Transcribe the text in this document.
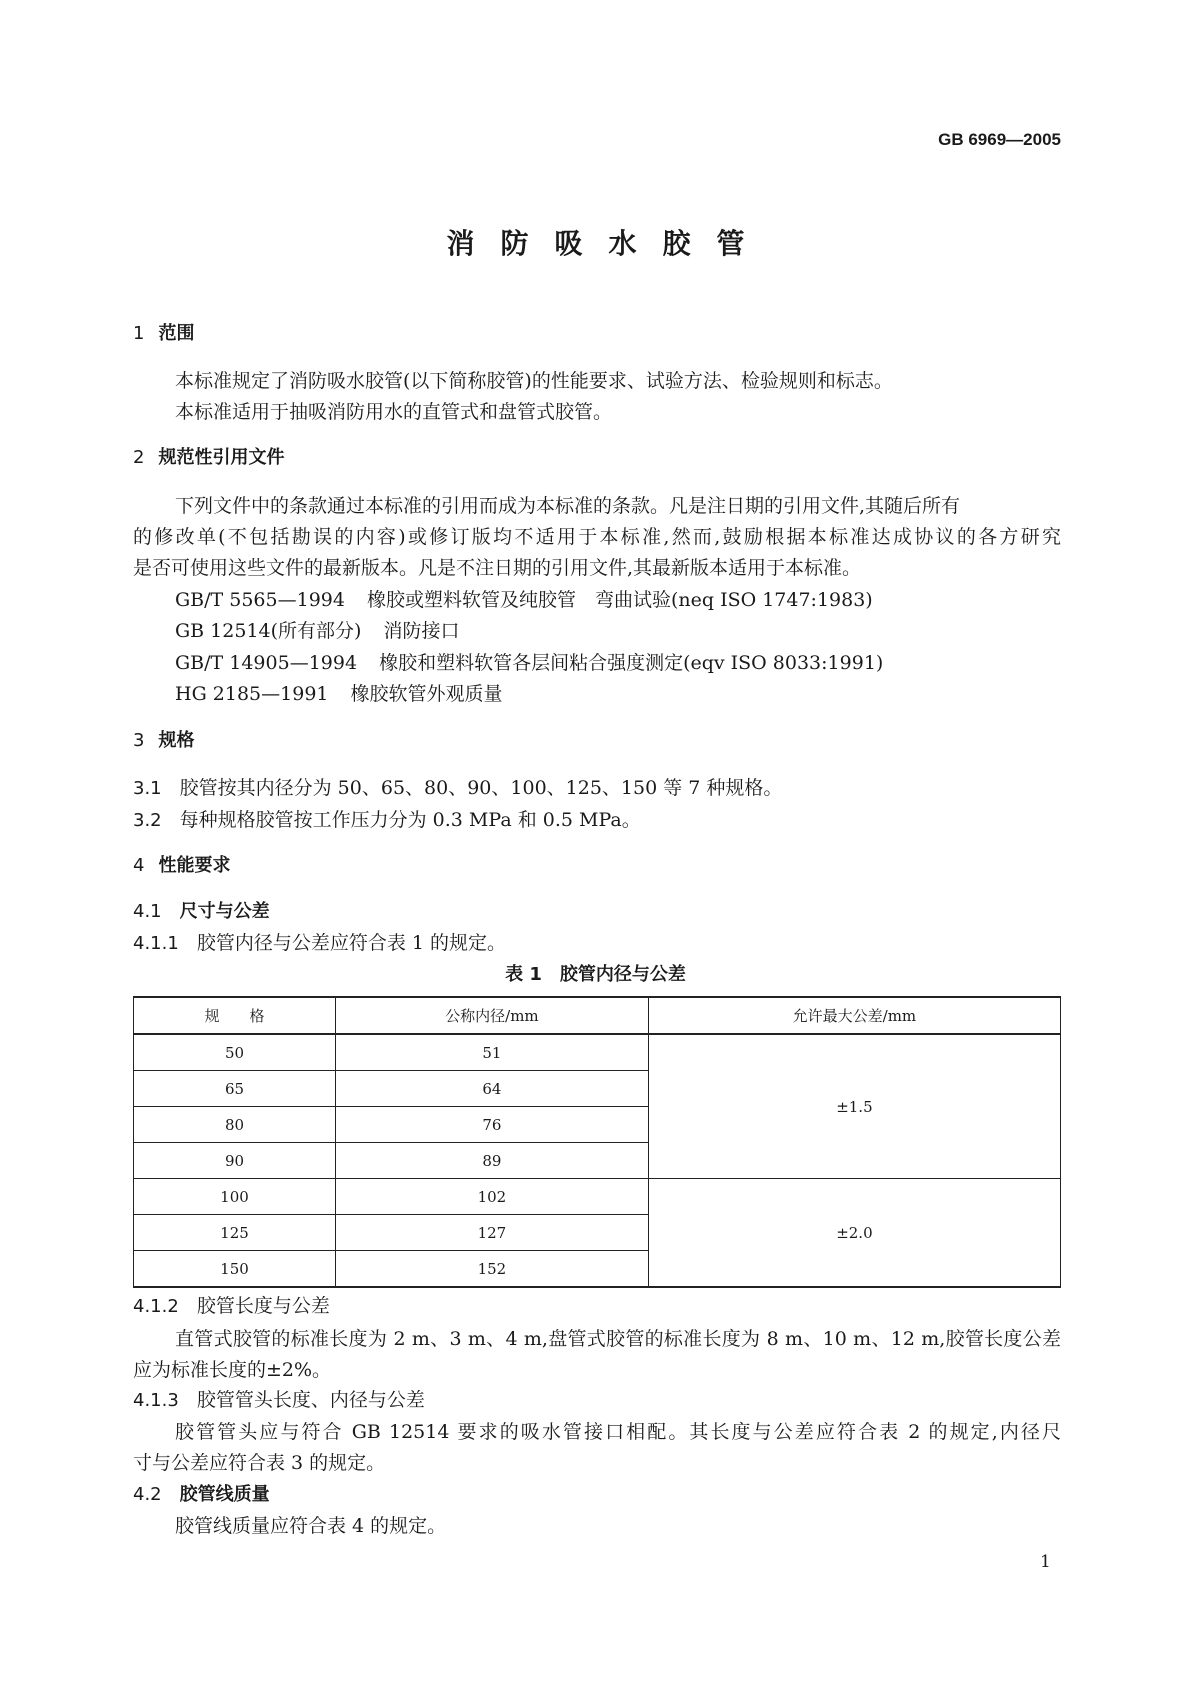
GB 6969—2005
消防吸水胶管
1 范围
本标准规定了消防吸水胶管(以下简称胶管)的性能要求、试验方法、检验规则和标志。
本标准适用于抽吸消防用水的直管式和盘管式胶管。
2 规范性引用文件
下列文件中的条款通过本标准的引用而成为本标准的条款。凡是注日期的引用文件,其随后所有
的修改单(不包括勘误的内容)或修订版均不适用于本标准,然而,鼓励根据本标准达成协议的各方研究
是否可使用这些文件的最新版本。凡是不注日期的引用文件,其最新版本适用于本标准。
GB/T 5565—1994 橡胶或塑料软管及纯胶管　弯曲试验(neq ISO 1747:1983)
GB 12514(所有部分) 消防接口
GB/T 14905—1994 橡胶和塑料软管各层间粘合强度测定(eqv ISO 8033:1991)
HG 2185—1991 橡胶软管外观质量
3 规格
3.1 胶管按其内径分为 50、65、80、90、100、125、150 等 7 种规格。
3.2 每种规格胶管按工作压力分为 0.3 MPa 和 0.5 MPa。
4 性能要求
4.1 尺寸与公差
4.1.1 胶管内径与公差应符合表 1 的规定。
表 1　胶管内径与公差
规　　格	公称内径/mm	允许最大公差/mm
50	51	±1.5
65	64	
80	76	
90	89	
100	102	±2.0
125	127	
150	152	
4.1.2 胶管长度与公差
直管式胶管的标准长度为 2 m、3 m、4 m,盘管式胶管的标准长度为 8 m、10 m、12 m,胶管长度公差
应为标准长度的±2%。
4.1.3 胶管管头长度、内径与公差
胶管管头应与符合 GB 12514 要求的吸水管接口相配。其长度与公差应符合表 2 的规定,内径尺
寸与公差应符合表 3 的规定。
4.2 胶管线质量
胶管线质量应符合表 4 的规定。
1
